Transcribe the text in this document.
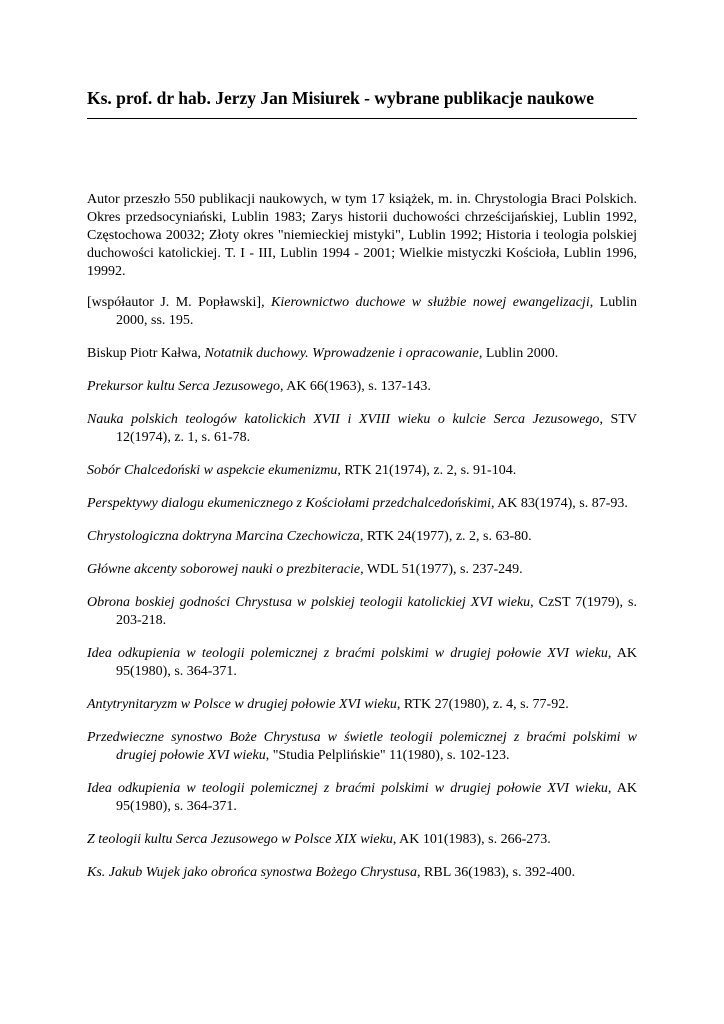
Ks. prof. dr hab. Jerzy Jan Misiurek - wybrane publikacje naukowe

Autor przeszło 550 publikacji naukowych, w tym 17 książek, m. in. Chrystologia Braci Polskich. Okres przedsocyniański, Lublin 1983; Zarys historii duchowości chrześcijańskiej, Lublin 1992, Częstochowa 20032; Złoty okres "niemieckiej mistyki", Lublin 1992; Historia i teologia polskiej duchowości katolickiej. T. I - III, Lublin 1994 - 2001; Wielkie mistyczki Kościoła, Lublin 1996, 19992.

[współautor J. M. Popławski], Kierownictwo duchowe w służbie nowej ewangelizacji, Lublin 2000, ss. 195.

Biskup Piotr Kałwa, Notatnik duchowy. Wprowadzenie i opracowanie, Lublin 2000.

Prekursor kultu Serca Jezusowego, AK 66(1963), s. 137-143.

Nauka polskich teologów katolickich XVII i XVIII wieku o kulcie Serca Jezusowego, STV 12(1974), z. 1, s. 61-78.

Sobór Chalcedoński w aspekcie ekumenizmu, RTK 21(1974), z. 2, s. 91-104.

Perspektywy dialogu ekumenicznego z Kościołami przedchalcedońskimi, AK 83(1974), s. 87-93.

Chrystologiczna doktryna Marcina Czechowicza, RTK 24(1977), z. 2, s. 63-80.

Główne akcenty soborowej nauki o prezbiteracie, WDL 51(1977), s. 237-249.

Obrona boskiej godności Chrystusa w polskiej teologii katolickiej XVI wieku, CzST 7(1979), s. 203-218.

Idea odkupienia w teologii polemicznej z braćmi polskimi w drugiej połowie XVI wieku, AK 95(1980), s. 364-371.

Antytrynitaryzm w Polsce w drugiej połowie XVI wieku, RTK 27(1980), z. 4, s. 77-92.

Przedwieczne synostwo Boże Chrystusa w świetle teologii polemicznej z braćmi polskimi w drugiej połowie XVI wieku, "Studia Pelplińskie" 11(1980), s. 102-123.

Idea odkupienia w teologii polemicznej z braćmi polskimi w drugiej połowie XVI wieku, AK 95(1980), s. 364-371.

Z teologii kultu Serca Jezusowego w Polsce XIX wieku, AK 101(1983), s. 266-273.

Ks. Jakub Wujek jako obrońca synostwa Bożego Chrystusa, RBL 36(1983), s. 392-400.
